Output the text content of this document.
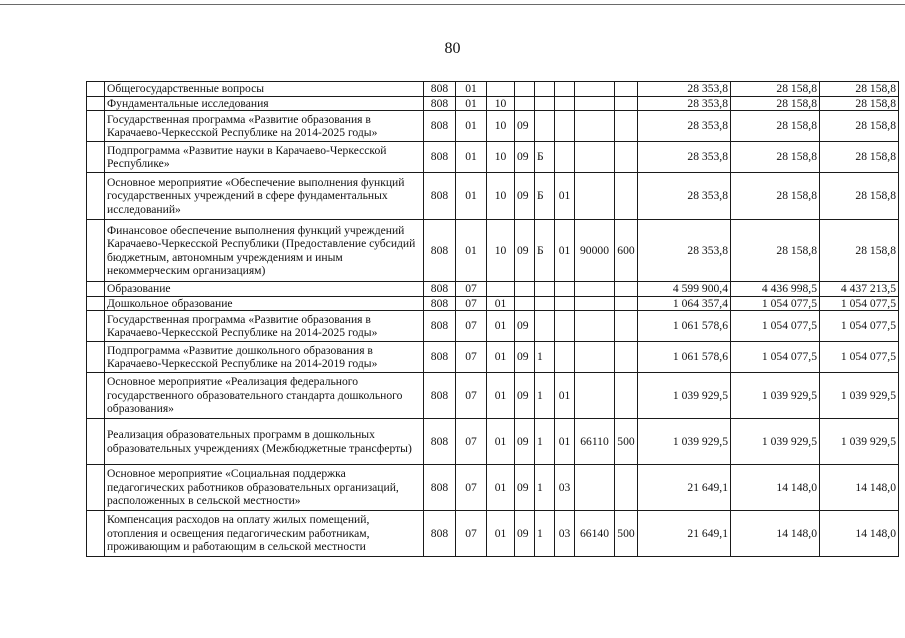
80
	Общегосударственные вопросы	808	01							28 353,8	28 158,8	28 158,8
	Фундаментальные исследования	808	01	10						28 353,8	28 158,8	28 158,8
	Государственная программа «Развитие образования в Карачаево-Черкесской Республике на 2014-2025 годы»	808	01	10	09					28 353,8	28 158,8	28 158,8
	Подпрограмма «Развитие науки в Карачаево-Черкесской Республике»	808	01	10	09	Б				28 353,8	28 158,8	28 158,8
	Основное мероприятие «Обеспечение выполнения функций государственных учреждений в сфере фундаментальных исследований»	808	01	10	09	Б	01			28 353,8	28 158,8	28 158,8
	Финансовое обеспечение выполнения функций учреждений Карачаево-Черкесской Республики (Предоставление субсидий бюджетным, автономным учреждениям и иным некоммерческим организациям)	808	01	10	09	Б	01	90000	600	28 353,8	28 158,8	28 158,8
	Образование	808	07							4 599 900,4	4 436 998,5	4 437 213,5
	Дошкольное образование	808	07	01						1 064 357,4	1 054 077,5	1 054 077,5
	Государственная программа «Развитие образования в Карачаево-Черкесской Республике на 2014-2025 годы»	808	07	01	09					1 061 578,6	1 054 077,5	1 054 077,5
	Подпрограмма «Развитие дошкольного образования в Карачаево-Черкесской Республике на 2014-2019 годы»	808	07	01	09	1				1 061 578,6	1 054 077,5	1 054 077,5
	Основное мероприятие «Реализация федерального государственного образовательного стандарта дошкольного образования»	808	07	01	09	1	01			1 039 929,5	1 039 929,5	1 039 929,5
	Реализация образовательных программ в дошкольных образовательных учреждениях (Межбюджетные трансферты)	808	07	01	09	1	01	66110	500	1 039 929,5	1 039 929,5	1 039 929,5
	Основное мероприятие «Социальная поддержка педагогических работников образовательных организаций, расположенных в сельской местности»	808	07	01	09	1	03			21 649,1	14 148,0	14 148,0
	Компенсация расходов на оплату жилых помещений, отопления и освещения педагогическим работникам, проживающим и работающим в сельской местности	808	07	01	09	1	03	66140	500	21 649,1	14 148,0	14 148,0
